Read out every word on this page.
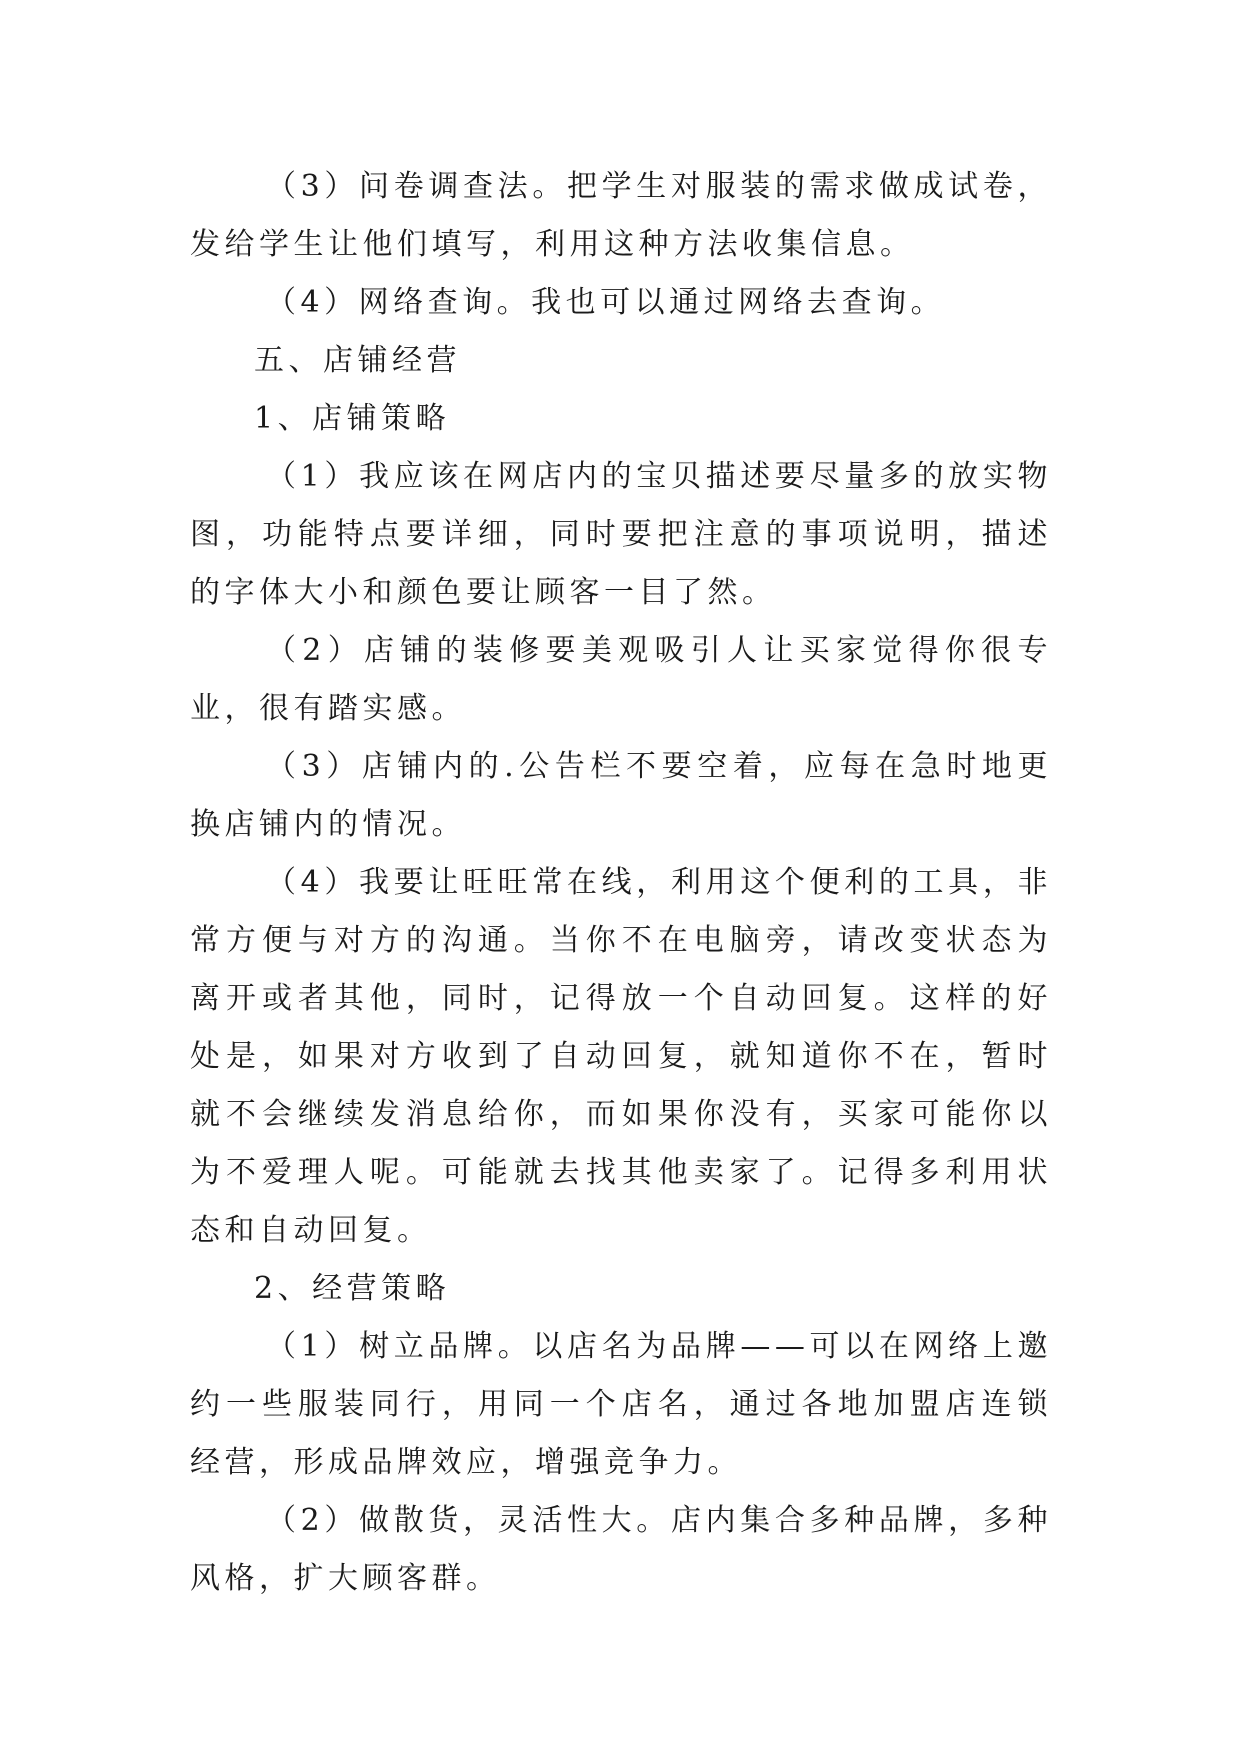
（3）问卷调查法。把学生对服装的需求做成试卷，发给学生让他们填写，利用这种方法收集信息。

（4）网络查询。我也可以通过网络去查询。

五、店铺经营

1、店铺策略

（1）我应该在网店内的宝贝描述要尽量多的放实物图，功能特点要详细，同时要把注意的事项说明，描述的字体大小和颜色要让顾客一目了然。

（2）店铺的装修要美观吸引人让买家觉得你很专业，很有踏实感。

（3）店铺内的.公告栏不要空着，应每在急时地更换店铺内的情况。

（4）我要让旺旺常在线，利用这个便利的工具，非常方便与对方的沟通。当你不在电脑旁，请改变状态为离开或者其他，同时，记得放一个自动回复。这样的好处是，如果对方收到了自动回复，就知道你不在，暂时就不会继续发消息给你，而如果你没有，买家可能你以为不爱理人呢。可能就去找其他卖家了。记得多利用状态和自动回复。

2、经营策略

（1）树立品牌。以店名为品牌——可以在网络上邀约一些服装同行，用同一个店名，通过各地加盟店连锁经营，形成品牌效应，增强竞争力。

（2）做散货，灵活性大。店内集合多种品牌，多种风格，扩大顾客群。
